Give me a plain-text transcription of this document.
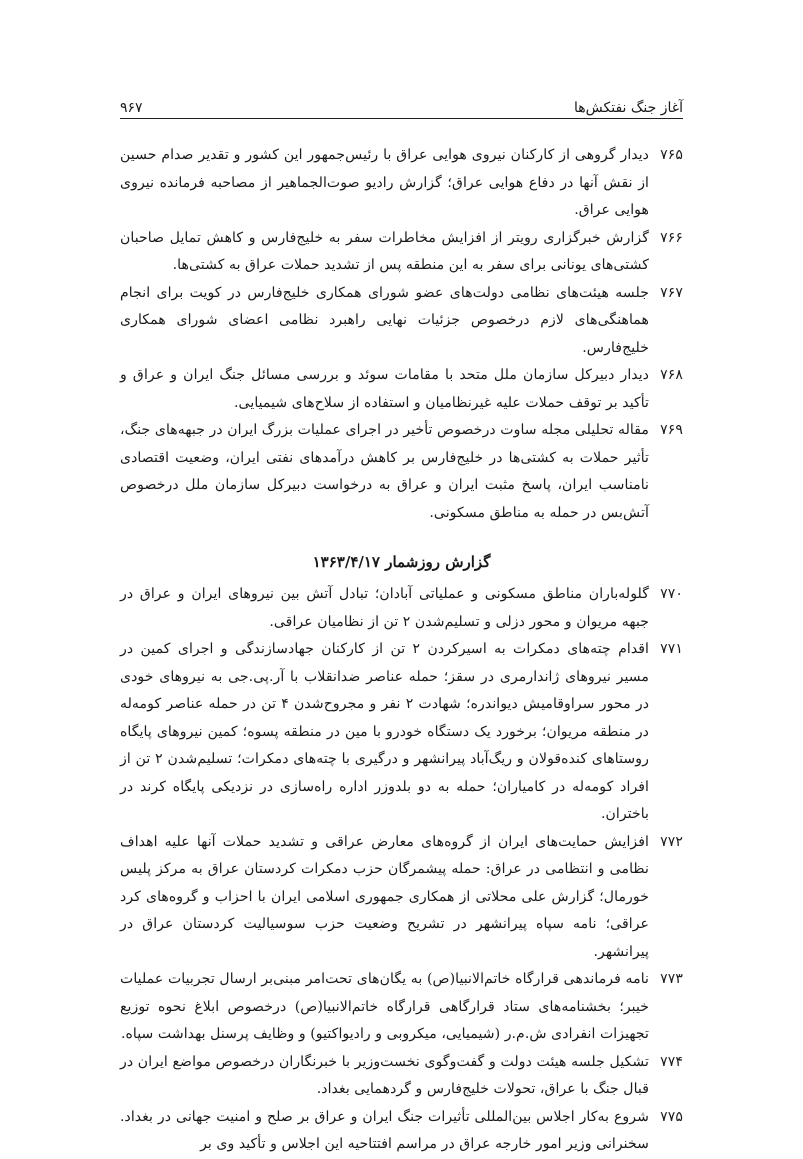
آغاز جنگ نفتکش‌ها
۹۶۷
۷۶۵
دیدار گروهی از کارکنان نیروی هوایی عراق با رئیس‌جمهور این کشور و تقدیر صدام حسین از نقش آنها در دفاع هوایی عراق؛ گزارش رادیو صوت‌الجماهیر از مصاحبه فرمانده نیروی هوایی عراق.
۷۶۶
گزارش خبرگزاری رویتر از افزایش مخاطرات سفر به خلیج‌فارس و کاهش تمایل صاحبان کشتی‌های یونانی برای سفر به این منطقه پس از تشدید حملات عراق به کشتی‌ها.
۷۶۷
جلسه هیئت‌های نظامی دولت‌های عضو شورای همکاری خلیج‌فارس در کویت برای انجام هماهنگی‌های لازم درخصوص جزئیات نهایی راهبرد نظامی اعضای شورای همکاری خلیج‌فارس.
۷۶۸
دیدار دبیرکل سازمان ملل متحد با مقامات سوئد و بررسی مسائل جنگ ایران و عراق و تأکید بر توقف حملات علیه غیرنظامیان و استفاده از سلاح‌های شیمیایی.
۷۶۹
مقاله تحلیلی مجله ساوت درخصوص تأخیر در اجرای عملیات بزرگ ایران در جبهه‌های جنگ، تأثیر حملات به کشتی‌ها در خلیج‌فارس بر کاهش درآمدهای نفتی ایران، وضعیت اقتصادی نامناسب ایران، پاسخ مثبت ایران و عراق به درخواست دبیرکل سازمان ملل درخصوص آتش‌بس در حمله به مناطق مسکونی.
گزارش روزشمار ۱۳۶۳/۴/۱۷
۷۷۰
گلوله‌باران مناطق مسکونی و عملیاتی آبادان؛ تبادل آتش بین نیروهای ایران و عراق در جبهه مریوان و محور دزلی و تسلیم‌شدن ۲ تن از نظامیان عراقی.
۷۷۱
اقدام چته‌های دمکرات به اسیرکردن ۲ تن از کارکنان جهادسازندگی و اجرای کمین در مسیر نیروهای ژاندارمری در سقز؛ حمله عناصر ضدانقلاب با آر.پی.جی به نیروهای خودی در محور سراوقامیش دیواندره؛ شهادت ۲ نفر و مجروح‌شدن ۴ تن در حمله عناصر کومه‌له در منطقه مریوان؛ برخورد یک دستگاه خودرو با مین در منطقه پسوه؛ کمین نیروهای پایگاه روستاهای کنده‌قولان و ریگ‌آباد پیرانشهر و درگیری با چته‌های دمکرات؛ تسلیم‌شدن ۲ تن از افراد کومه‌له در کامیاران؛ حمله به دو بلدوزر اداره راه‌سازی در نزدیکی پایگاه کرند در باختران.
۷۷۲
افزایش حمایت‌های ایران از گروه‌های معارض عراقی و تشدید حملات آنها علیه اهداف نظامی و انتظامی در عراق: حمله پیشمرگان حزب دمکرات کردستان عراق به مرکز پلیس خورمال؛ گزارش علی محلاتی از همکاری جمهوری اسلامی ایران با احزاب و گروه‌های کرد عراقی؛ نامه سپاه پیرانشهر در تشریح وضعیت حزب سوسیالیت کردستان عراق در پیرانشهر.
۷۷۳
نامه فرماندهی قرارگاه خاتم‌الانبیا(ص) به یگان‌های تحت‌امر مبنی‌بر ارسال تجربیات عملیات خیبر؛ بخشنامه‌های ستاد قرارگاهی قرارگاه خاتم‌الانبیا(ص) درخصوص ابلاغ نحوه توزیع تجهیزات انفرادی ش.م.ر (شیمیایی، میکروبی و رادیواکتیو) و وظایف پرسنل بهداشت سپاه.
۷۷۴
تشکیل جلسه هیئت دولت و گفت‌وگوی نخست‌وزیر با خبرنگاران درخصوص مواضع ایران در قبال جنگ با عراق، تحولات خلیج‌فارس و گردهمایی بغداد.
۷۷۵
شروع به‌کار اجلاس بین‌المللی تأثیرات جنگ ایران و عراق بر صلح و امنیت جهانی در بغداد. سخنرانی وزیر امور خارجه عراق در مراسم افتتاحیه این اجلاس و تأکید وی بر
